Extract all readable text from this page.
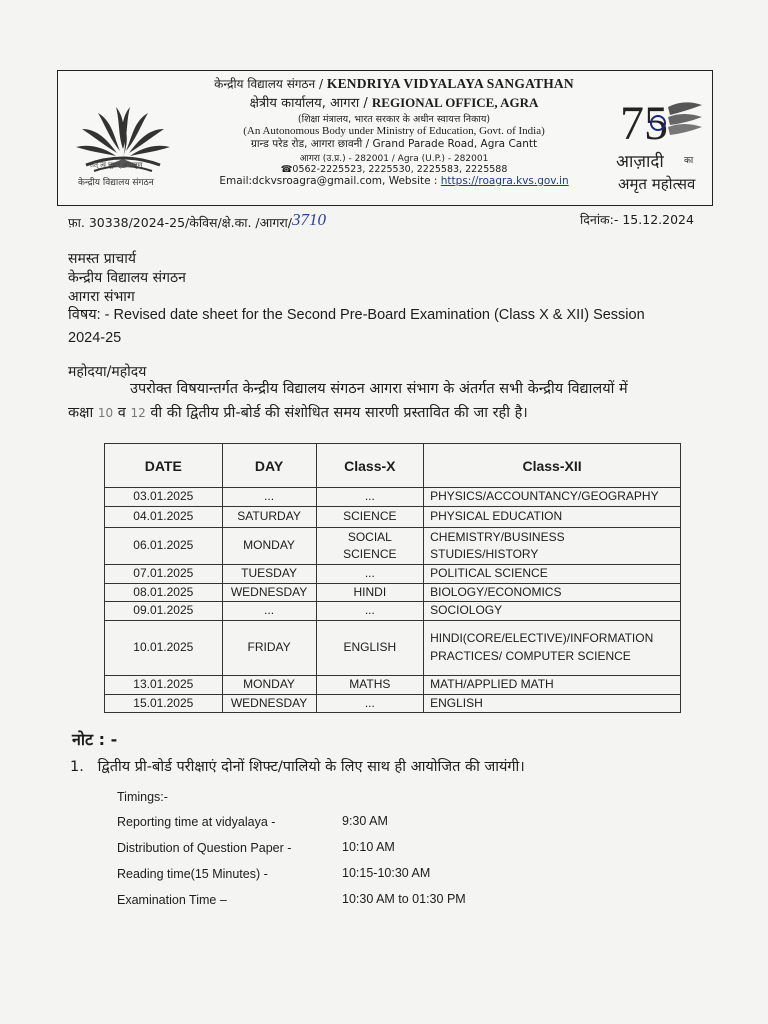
तत् त्वं पूषन् अपावृणु
केन्द्रीय विद्यालय संगठन
केन्द्रीय विद्यालय संगठन / KENDRIYA VIDYALAYA SANGATHAN
क्षेत्रीय कार्यालय, आगरा / REGIONAL OFFICE, AGRA
(शिक्षा मंत्रालय, भारत सरकार के अधीन स्वायत्त निकाय)
(An Autonomous Body under Ministry of Education, Govt. of India)
ग्रान्ड परेड रोड, आगरा छावनी / Grand Parade Road, Agra Cantt
आगरा (उ.प्र.) - 282001 / Agra (U.P.) - 282001
☎0562-2225523, 2225530, 2225583, 2225588
Email:dckvsroagra@gmail.com, Website : https://roagra.kvs.gov.in
75
आज़ादी का
अमृत महोत्सव
फ़ा. 30338/2024-25/केविस/क्षे.का. /आगरा/3710	दिनांक:- 15.12.2024
समस्त प्राचार्य
केन्द्रीय विद्यालय संगठन
आगरा संभाग
विषय: - Revised date sheet for the Second Pre-Board Examination (Class X & XII) Session
2024-25
महोदया/महोदय
उपरोक्त विषयान्तर्गत केन्द्रीय विद्यालय संगठन आगरा संभाग के अंतर्गत सभी केन्द्रीय विद्यालयों में
कक्षा 10 व 12 वी की द्वितीय प्री-बोर्ड की संशोधित समय सारणी प्रस्तावित की जा रही है।
DATE	DAY	Class-X	Class-XII
03.01.2025	...	...	PHYSICS/ACCOUNTANCY/GEOGRAPHY
04.01.2025	SATURDAY	SCIENCE	PHYSICAL EDUCATION
06.01.2025	MONDAY	SOCIAL SCIENCE	CHEMISTRY/BUSINESS STUDIES/HISTORY
07.01.2025	TUESDAY	...	POLITICAL SCIENCE
08.01.2025	WEDNESDAY	HINDI	BIOLOGY/ECONOMICS
09.01.2025	...	...	SOCIOLOGY
10.01.2025	FRIDAY	ENGLISH	HINDI(CORE/ELECTIVE)/INFORMATION PRACTICES/ COMPUTER SCIENCE
13.01.2025	MONDAY	MATHS	MATH/APPLIED MATH
15.01.2025	WEDNESDAY	...	ENGLISH
नोट : -
1. द्वितीय प्री-बोर्ड परीक्षाएं दोनों शिफ्ट/पालियो के लिए साथ ही आयोजित की जायंगी।
Timings:-
Reporting time at vidyalaya -	9:30 AM
Distribution of Question Paper -	10:10 AM
Reading time(15 Minutes) -	10:15-10:30 AM
Examination Time –	10:30 AM to 01:30 PM
